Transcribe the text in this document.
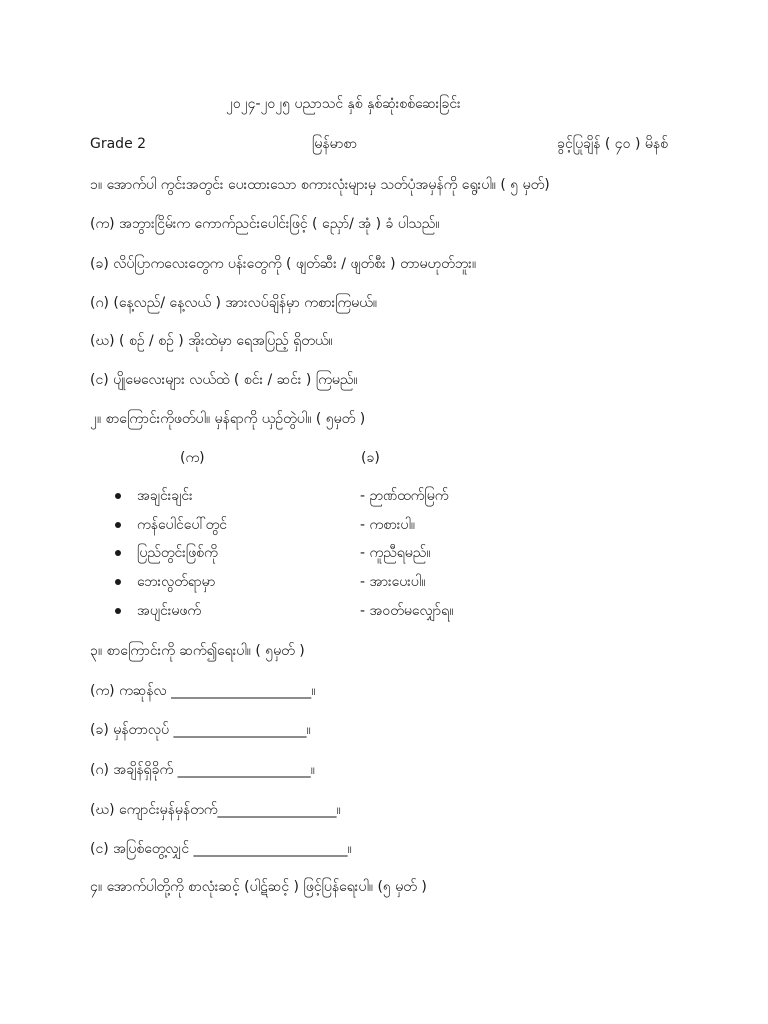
၂၀၂၄-၂၀၂၅ ပညာသင် နှစ် နှစ်ဆုံးစစ်ဆေးခြင်း
Grade 2	မြန်မာစာ	ခွင့်ပြုချိန် ( ၄၀ ) မိနစ်
၁။ အောက်ပါ ကွင်းအတွင်း ပေးထားသော စကားလုံးများမှ သတ်ပုံအမှန်ကို ရွေးပါ။ ( ၅ မှတ်)
(က) အဘွားငြိမ်းက ကောက်ညင်းပေါင်းဖြင့် ( ညှော်/ အုံ ) ခံ ပါသည်။
(ခ) လိပ်ပြာကလေးတွေက ပန်းတွေကို ( ဖျတ်ဆီး / ဖျတ်စီး ) တာမဟုတ်ဘူး။
(ဂ) (နေ့လည်/ နေ့လယ် ) အားလပ်ချိန်မှာ ကစားကြမယ်။
(ဃ) ( စဥ် / စဉ် ) အိုးထဲမှာ ရေအပြည့် ရှိတယ်။
(င) ပျိုမေလေးများ လယ်ထဲ ( စင်း / ဆင်း ) ကြမည်။
၂။ စာကြောင်းကိုဖတ်ပါ။ မှန်ရာကို ယှဉ်တွဲပါ။ ( ၅မှတ် )
(က)	(ခ)
အချင်းချင်း	- ဉာဏ်ထက်မြက်
ကန်ပေါင်ပေါ်တွင်	- ကစားပါ။
ပြည်တွင်းဖြစ်ကို	- ကူညီရမည်။
ဘေးလွတ်ရာမှာ	- အားပေးပါ။
အပျင်းမဖက်	- အဝတ်မလျှော်ရ။
၃။ စာကြောင်းကို ဆက်၍ရေးပါ။ ( ၅မှတ် )
(က) ကဆုန်လ ____________________။
(ခ) မှန်တာလုပ် ___________________။
(ဂ) အချိန်ရှိခိုက် ___________________။
(ဃ) ကျောင်းမှန်မှန်တက်_________________။
(င) အပြစ်တွေ့လျှင် ______________________။
၄။ အောက်ပါတို့ကို စာလုံးဆင့် (ပါဋ်ဆင့် ) ဖြင့်ပြန်ရေးပါ။ (၅ မှတ် )
